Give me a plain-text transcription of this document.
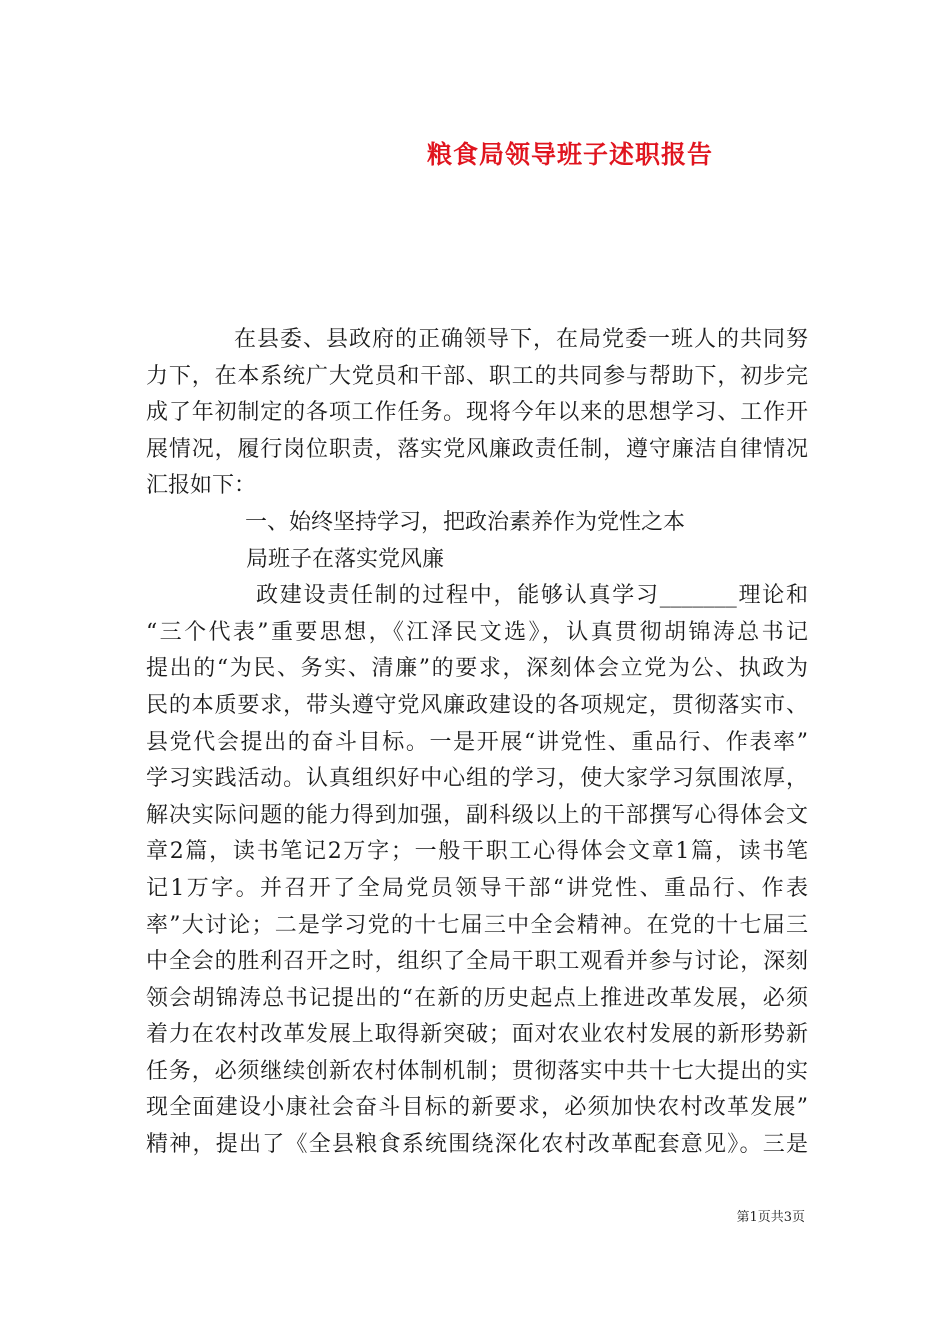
粮食局领导班子述职报告
在县委、县政府的正确领导下，在局党委一班人的共同努
力下，在本系统广大党员和干部、职工的共同参与帮助下，初步完
成了年初制定的各项工作任务。现将今年以来的思想学习、工作开
展情况，履行岗位职责，落实党风廉政责任制，遵守廉洁自律情况
汇报如下：
一、始终坚持学习，把政治素养作为党性之本
局班子在落实党风廉
政建设责任制的过程中，能够认真学习_______理论和
“三个代表”重要思想，《江泽民文选》，认真贯彻胡锦涛总书记
提出的“为民、务实、清廉”的要求，深刻体会立党为公、执政为
民的本质要求，带头遵守党风廉政建设的各项规定，贯彻落实市、
县党代会提出的奋斗目标。一是开展“讲党性、重品行、作表率”
学习实践活动。认真组织好中心组的学习，使大家学习氛围浓厚，
解决实际问题的能力得到加强，副科级以上的干部撰写心得体会文
章2篇，读书笔记2万字；一般干职工心得体会文章1篇，读书笔
记1万字。并召开了全局党员领导干部“讲党性、重品行、作表
率”大讨论；二是学习党的十七届三中全会精神。在党的十七届三
中全会的胜利召开之时，组织了全局干职工观看并参与讨论，深刻
领会胡锦涛总书记提出的“在新的历史起点上推进改革发展，必须
着力在农村改革发展上取得新突破；面对农业农村发展的新形势新
任务，必须继续创新农村体制机制；贯彻落实中共十七大提出的实
现全面建设小康社会奋斗目标的新要求，必须加快农村改革发展”
精神，提出了《全县粮食系统围绕深化农村改革配套意见》。三是
第1页共3页
